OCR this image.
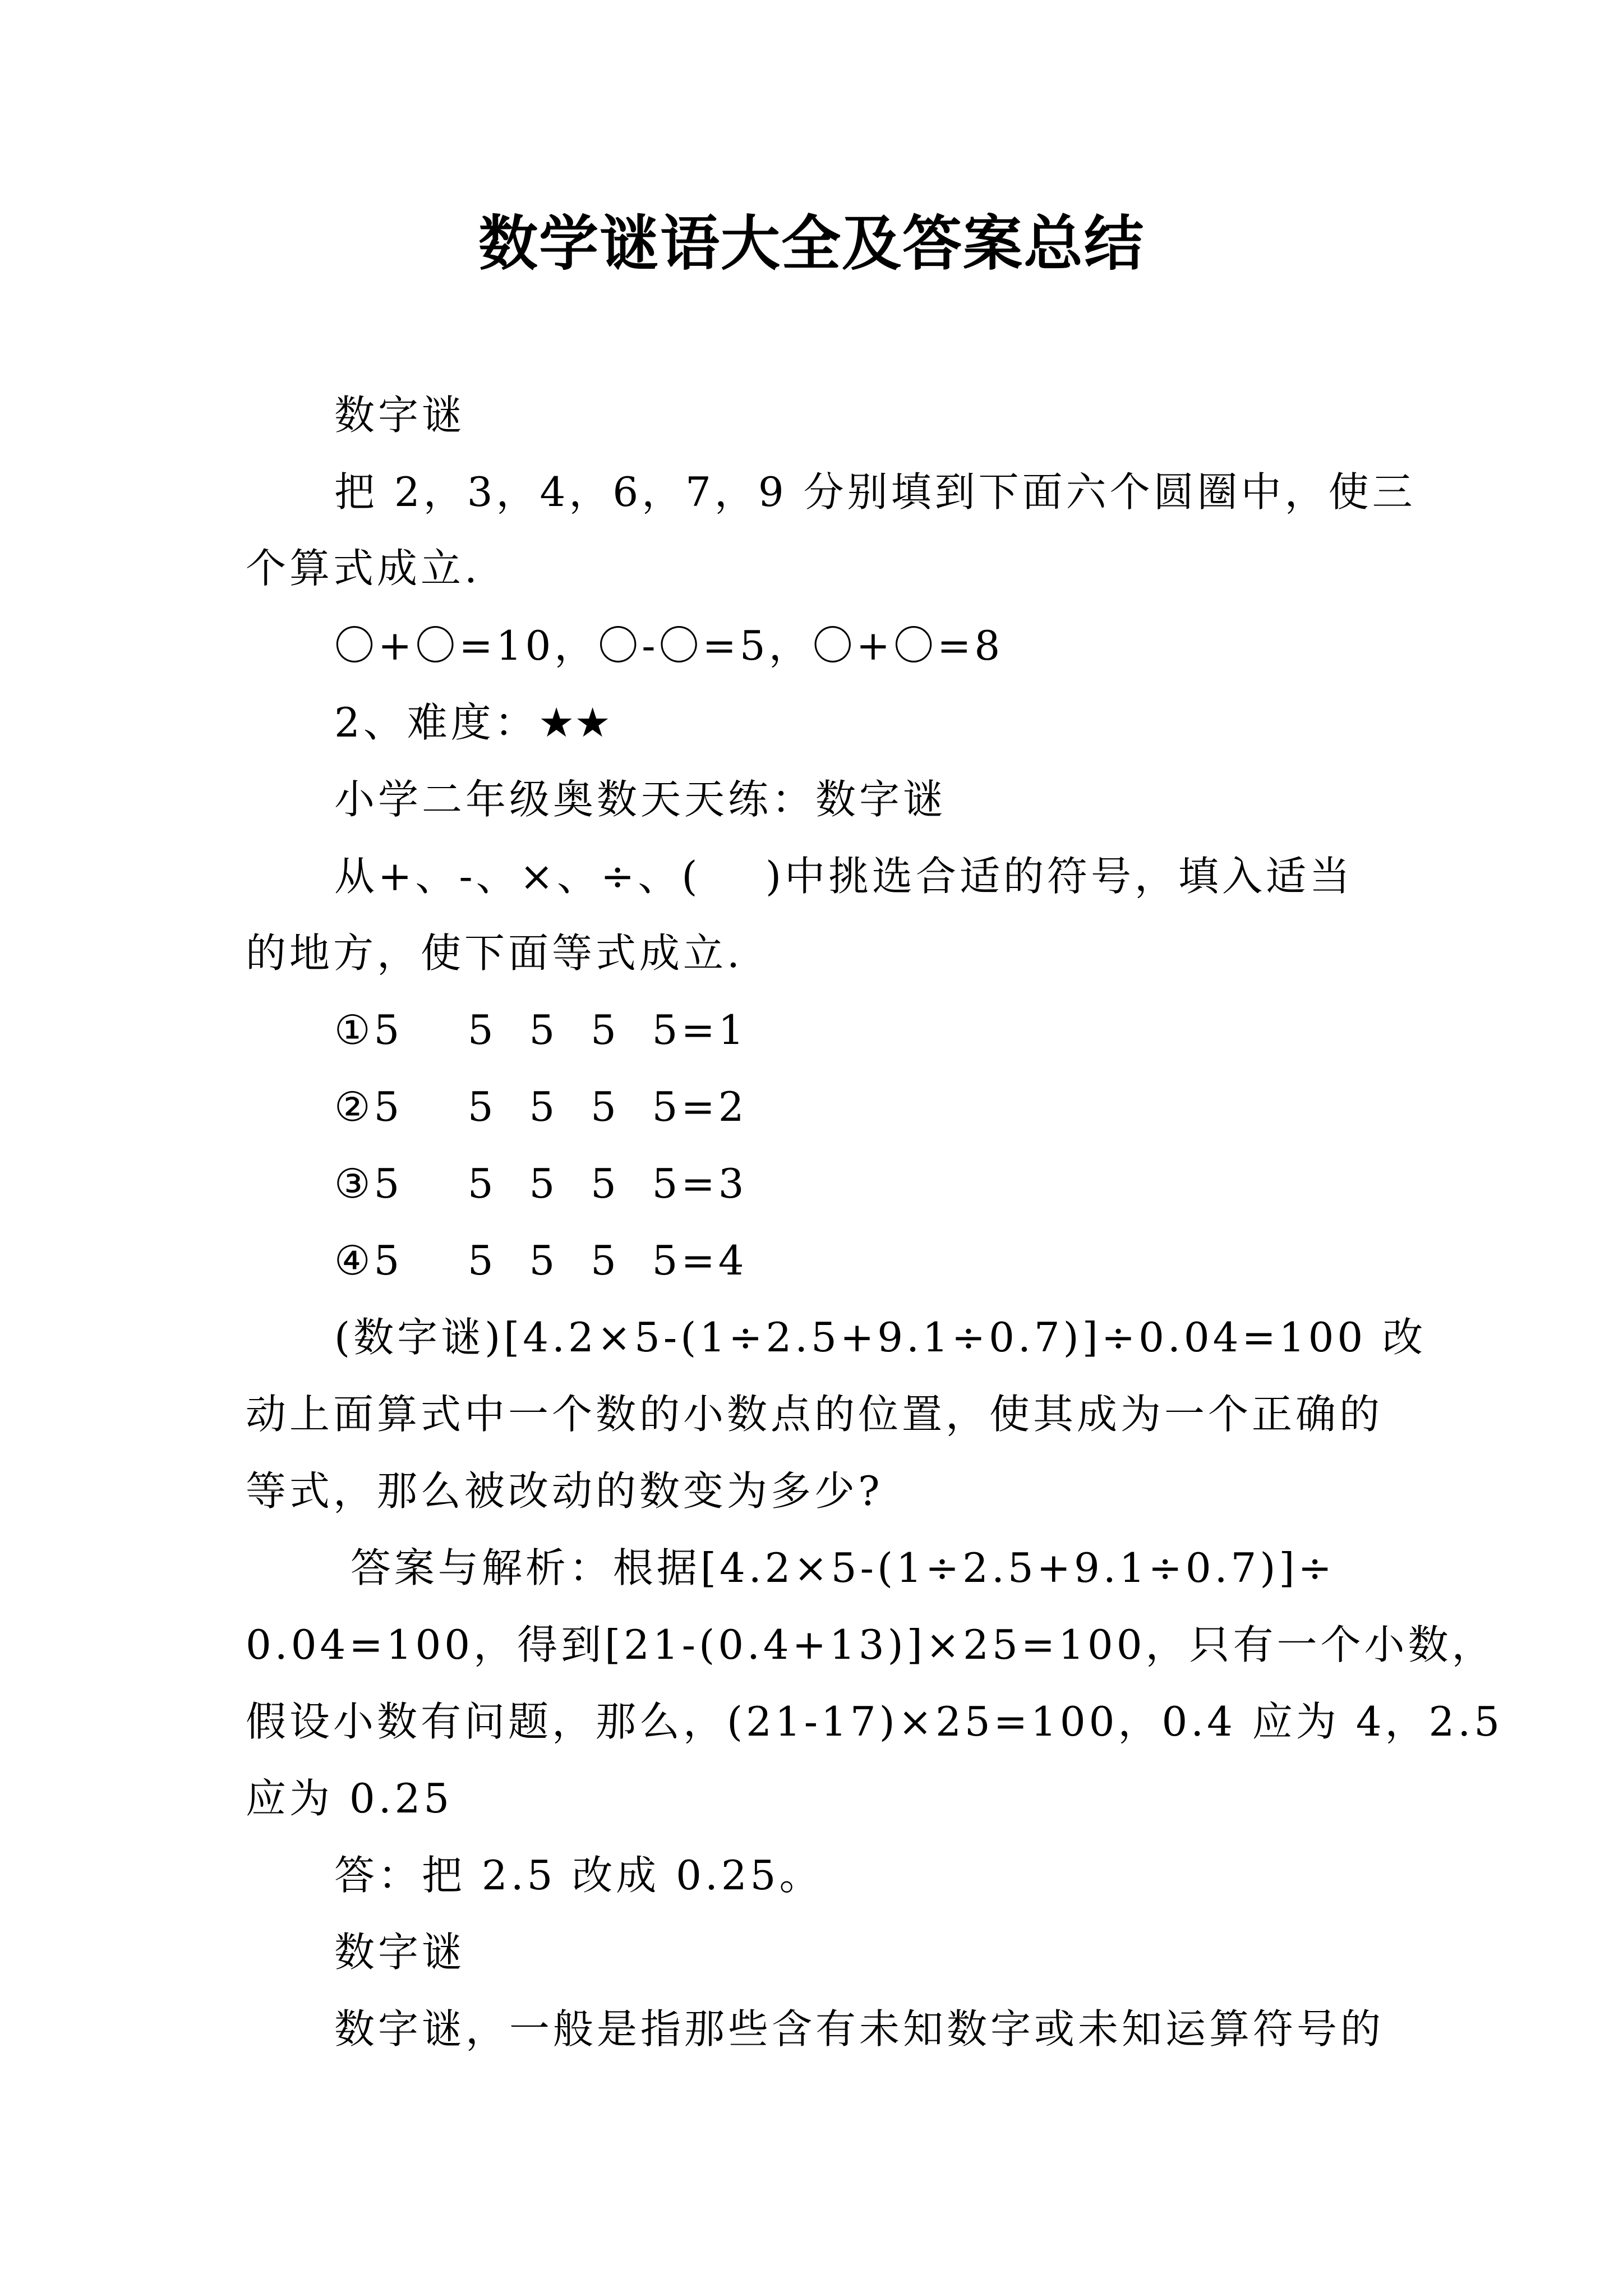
数学谜语大全及答案总结
数字谜
把 2，3，4，6，7，9 分别填到下面六个圆圈中，使三
个算式成立.
〇+〇=10，〇-〇=5，〇+〇=8
2、难度：★★
小学二年级奥数天天练：数字谜
从+、-、×、÷、(    )中挑选合适的符号，填入适当
的地方，使下面等式成立.
①5    5  5  5  5=1
②5    5  5  5  5=2
③5    5  5  5  5=3
④5    5  5  5  5=4
(数字谜)[4.2×5-(1÷2.5+9.1÷0.7)]÷0.04=100 改
动上面算式中一个数的小数点的位置，使其成为一个正确的
等式，那么被改动的数变为多少?
答案与解析：根据[4.2×5-(1÷2.5+9.1÷0.7)]÷
0.04=100，得到[21-(0.4+13)]×25=100，只有一个小数，
假设小数有问题，那么，(21-17)×25=100，0.4 应为 4，2.5
应为 0.25
答：把 2.5 改成 0.25。
数字谜
数字谜，一般是指那些含有未知数字或未知运算符号的
